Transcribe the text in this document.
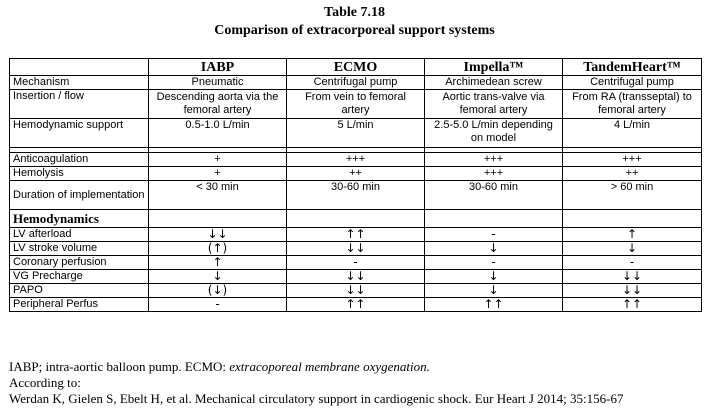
Table 7.18
Comparison of extracorporeal support systems
	IABP	ECMO	Impella™	TandemHeart™
Mechanism	Pneumatic	Centrifugal pump	Archimedean screw	Centrifugal pump
Insertion / flow	Descending aorta via the femoral artery	From vein to femoral artery	Aortic trans-valve via femoral artery	From RA (transseptal) to femoral artery
Hemodynamic support	0.5-1.0 L/min	5 L/min	2.5-5.0 L/min depending on model	4 L/min

Anticoagulation	+	+++	+++	+++
Hemolysis	+	++	+++	++
Duration of implementation	< 30 min	30-60 min	30-60 min	> 60 min
Hemodynamics				
LV afterload	↓↓	↑↑	-	↑
LV stroke volume	(↑)	↓↓	↓	↓
Coronary perfusion	↑	-	-	-
VG Precharge	↓	↓↓	↓	↓↓
PAPO	(↓)	↓↓	↓	↓↓
Peripheral Perfus	-	↑↑	↑↑	↑↑
IABP; intra-aortic balloon pump. ECMO: extracoporeal membrane oxygenation.
According to:
Werdan K, Gielen S, Ebelt H, et al. Mechanical circulatory support in cardiogenic shock. Eur Heart J 2014; 35:156-67
